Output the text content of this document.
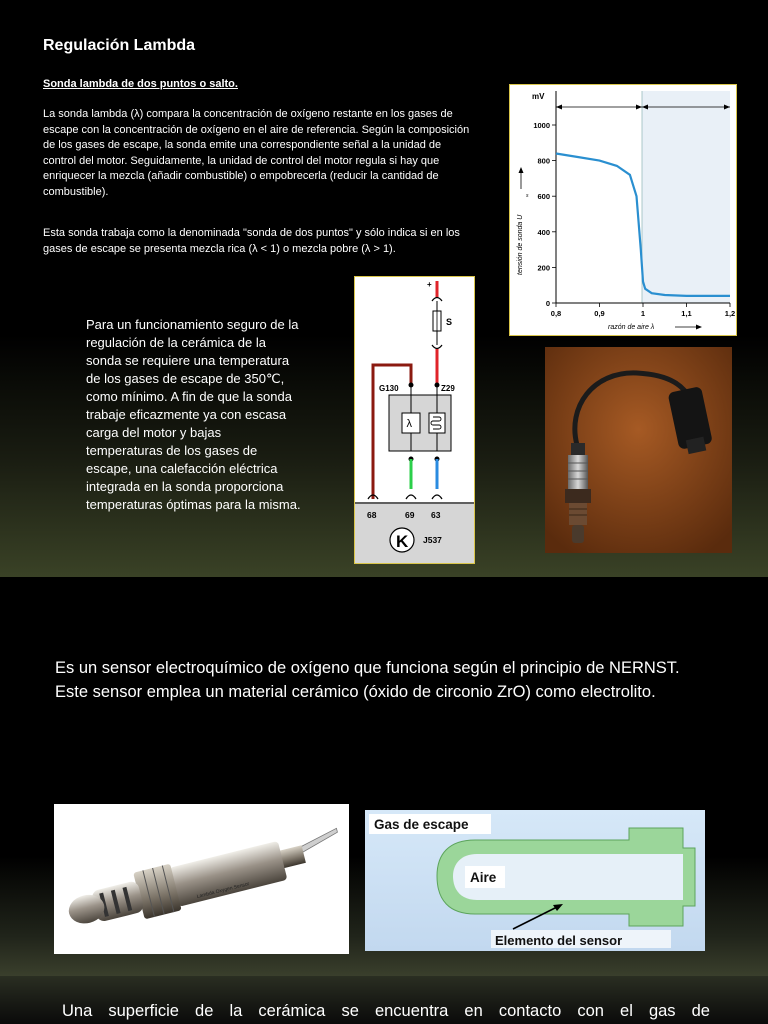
Regulación Lambda
Sonda lambda de dos puntos o salto.
La sonda lambda (λ) compara la concentración de oxígeno restante en los gases de escape con la concentración de oxígeno en el aire de referencia. Según la composición de los gases de escape, la sonda emite una correspondiente señal a la unidad de control del motor. Seguidamente, la unidad de control del motor regula si hay que enriquecer la mezcla (añadir combustible) o empobrecerla (reducir la cantidad de combustible).
Esta sonda trabaja como la denominada "sonda de dos puntos" y sólo indica si en los gases de escape se presenta mezcla rica (λ < 1) o mezcla pobre (λ > 1).
Para un funcionamiento seguro de la regulación de la cerámica de la sonda se requiere una temperatura de los gases de escape de 350℃, como mínimo. A fin de que la sonda trabaje eficazmente ya con escasa carga del motor y bajas temperaturas de los gases de escape, una calefacción eléctrica integrada en la sonda proporciona temperaturas óptimas para la misma.
mV
1000
800
600
400
200
0
0,8	0,9	1	1,1	1,2
tensión de sonda U
s
razón de aire λ
+
S
G130	Z29
λ
68	69 63
K J537
Es un sensor electroquímico de oxígeno que funciona según el principio de NERNST. Este sensor emplea un material cerámico (óxido de circonio ZrO) como electrolito.
Lambda Oxygen Sensor
Gas de escape
Aire
Elemento del sensor
Una superficie de la cerámica se encuentra en contacto con el gas de
